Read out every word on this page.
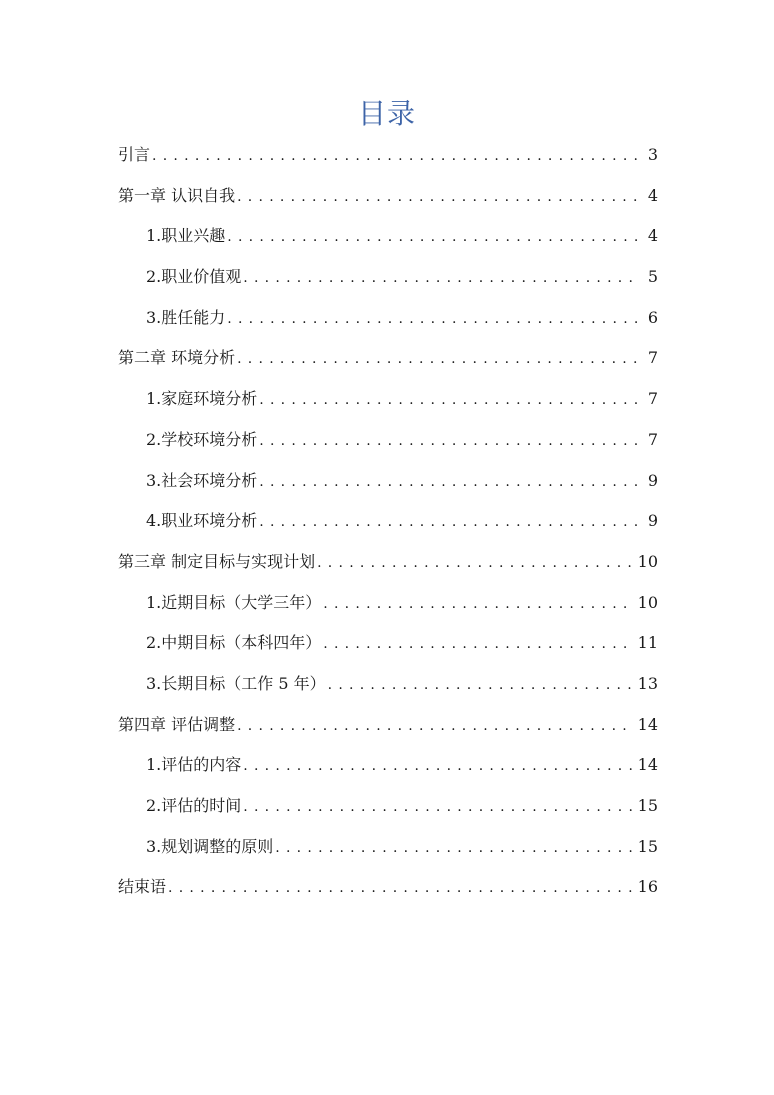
目录
引言 . . .	3
第一章 认识自我 . . .	4
1.职业兴趣 . . .	4
2.职业价值观 . . .	5
3.胜任能力 . . .	6
第二章 环境分析 . . .	7
1.家庭环境分析 . . .	7
2.学校环境分析 . . .	7
3.社会环境分析 . . .	9
4.职业环境分析 . . .	9
第三章 制定目标与实现计划 . . .	10
1.近期目标（大学三年） . . .	10
2.中期目标（本科四年） . . .	11
3.长期目标（工作 5 年） . . .	13
第四章 评估调整 . . .	14
1.评估的内容 . . .	14
2.评估的时间 . . .	15
3.规划调整的原则 . . .	15
结束语 . . .	16
